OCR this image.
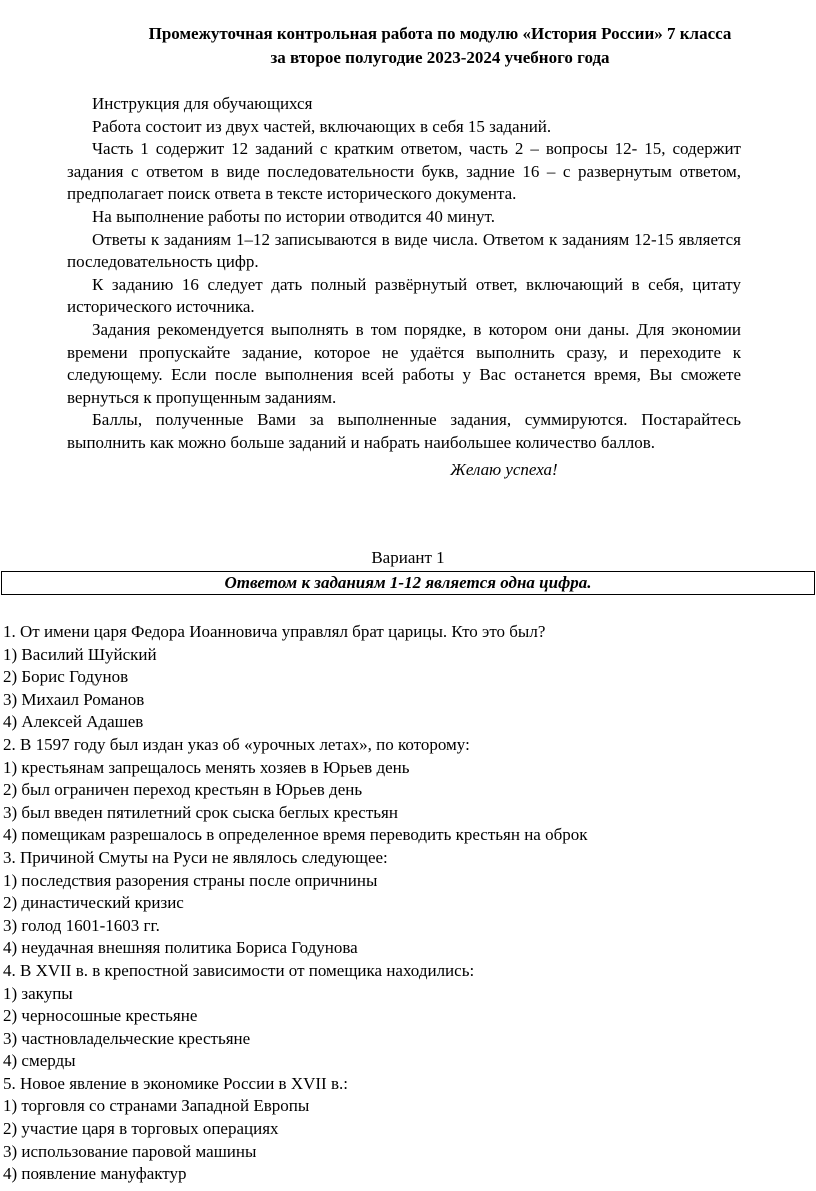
Промежуточная контрольная работа по модулю «История России» 7 класса
за второе полугодие 2023-2024 учебного года

Инструкция для обучающихся

Работа состоит из двух частей, включающих в себя 15 заданий.

Часть 1 содержит 12 заданий с кратким ответом, часть 2 – вопросы 12- 15, содержит задания с ответом в виде последовательности букв, задние 16 – с развернутым ответом, предполагает поиск ответа в тексте исторического документа.

На выполнение работы по истории отводится 40 минут.

Ответы к заданиям 1–12 записываются в виде числа. Ответом к заданиям 12-15 является последовательность цифр.

К заданию 16 следует дать полный развёрнутый ответ, включающий в себя, цитату исторического источника.

Задания рекомендуется выполнять в том порядке, в котором они даны. Для экономии времени пропускайте задание, которое не удаётся выполнить сразу, и переходите к следующему. Если после выполнения всей работы у Вас останется время, Вы сможете вернуться к пропущенным заданиям.

Баллы, полученные Вами за выполненные задания, суммируются. Постарайтесь выполнить как можно больше заданий и набрать наибольшее количество баллов.

Желаю успеха!

Вариант 1
Ответом к заданиям 1-12 является одна цифра.
1. От имени царя Федора Иоанновича управлял брат царицы. Кто это был?
1) Василий Шуйский
2) Борис Годунов
3) Михаил Романов
4) Алексей Адашев
2. В 1597 году был издан указ об «урочных летах», по которому:
1) крестьянам запрещалось менять хозяев в Юрьев день
2) был ограничен переход крестьян в Юрьев день
3) был введен пятилетний срок сыска беглых крестьян
4) помещикам разрешалось в определенное время переводить крестьян на оброк
3. Причиной Смуты на Руси не являлось следующее:
1) последствия разорения страны после опричнины
2) династический кризис
3) голод 1601-1603 гг.
4) неудачная внешняя политика Бориса Годунова
4. В XVII в. в крепостной зависимости от помещика находились:
1) закупы
2) черносошные крестьяне
3) частновладельческие крестьяне
4) смерды
5. Новое явление в экономике России в XVII в.:
1) торговля со странами Западной Европы
2) участие царя в торговых операциях
3) использование паровой машины
4) появление мануфактур
